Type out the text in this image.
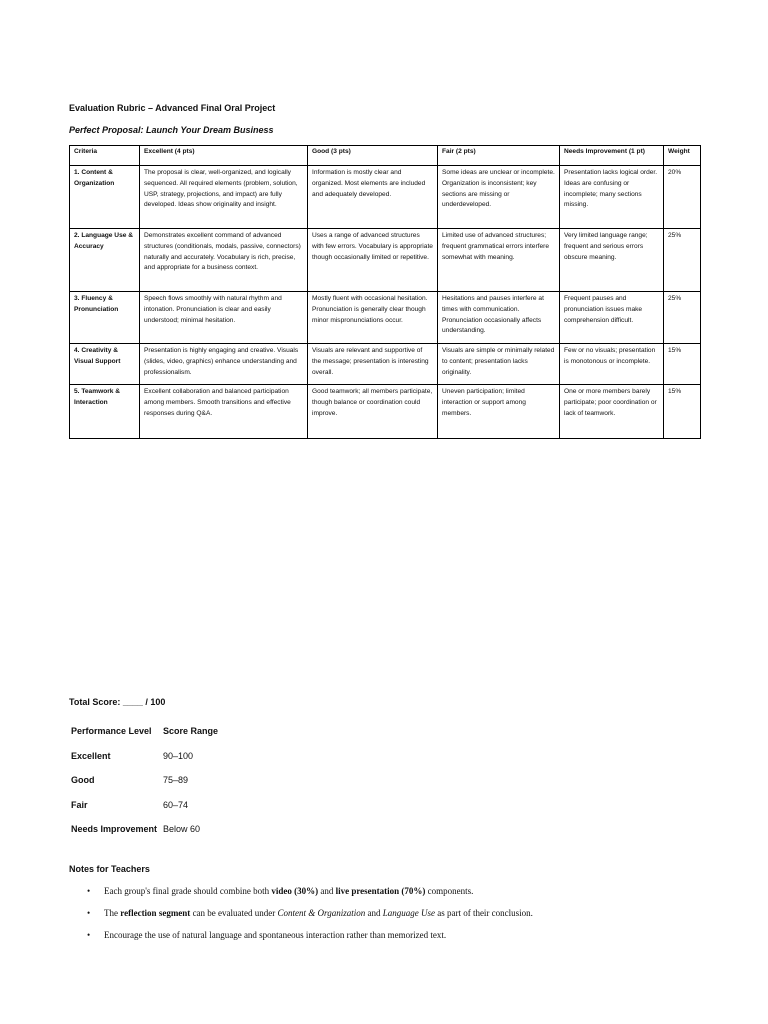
Evaluation Rubric – Advanced Final Oral Project
Perfect Proposal: Launch Your Dream Business
Criteria	Excellent (4 pts)	Good (3 pts)	Fair (2 pts)	Needs Improvement (1 pt)	Weight
1. Content & Organization	The proposal is clear, well-organized, and logically sequenced. All required elements (problem, solution, USP, strategy, projections, and impact) are fully developed. Ideas show originality and insight.	Information is mostly clear and organized. Most elements are included and adequately developed.	Some ideas are unclear or incomplete. Organization is inconsistent; key sections are missing or underdeveloped.	Presentation lacks logical order. Ideas are confusing or incomplete; many sections missing.	20%
2. Language Use & Accuracy	Demonstrates excellent command of advanced structures (conditionals, modals, passive, connectors) naturally and accurately. Vocabulary is rich, precise, and appropriate for a business context.	Uses a range of advanced structures with few errors. Vocabulary is appropriate though occasionally limited or repetitive.	Limited use of advanced structures; frequent grammatical errors interfere somewhat with meaning.	Very limited language range; frequent and serious errors obscure meaning.	25%
3. Fluency & Pronunciation	Speech flows smoothly with natural rhythm and intonation. Pronunciation is clear and easily understood; minimal hesitation.	Mostly fluent with occasional hesitation. Pronunciation is generally clear though minor mispronunciations occur.	Hesitations and pauses interfere at times with communication. Pronunciation occasionally affects understanding.	Frequent pauses and pronunciation issues make comprehension difficult.	25%
4. Creativity & Visual Support	Presentation is highly engaging and creative. Visuals (slides, video, graphics) enhance understanding and professionalism.	Visuals are relevant and supportive of the message; presentation is interesting overall.	Visuals are simple or minimally related to content; presentation lacks originality.	Few or no visuals; presentation is monotonous or incomplete.	15%
5. Teamwork & Interaction	Excellent collaboration and balanced participation among members. Smooth transitions and effective responses during Q&A.	Good teamwork; all members participate, though balance or coordination could improve.	Uneven participation; limited interaction or support among members.	One or more members barely participate; poor coordination or lack of teamwork.	15%

Total Score: ____ / 100

Performance Level	Score Range
Excellent	90–100
Good	75–89
Fair	60–74
Needs Improvement	Below 60

Notes for Teachers

• Each group's final grade should combine both video (30%) and live presentation (70%) components.
• The reflection segment can be evaluated under Content & Organization and Language Use as part of their conclusion.
• Encourage the use of natural language and spontaneous interaction rather than memorized text.
